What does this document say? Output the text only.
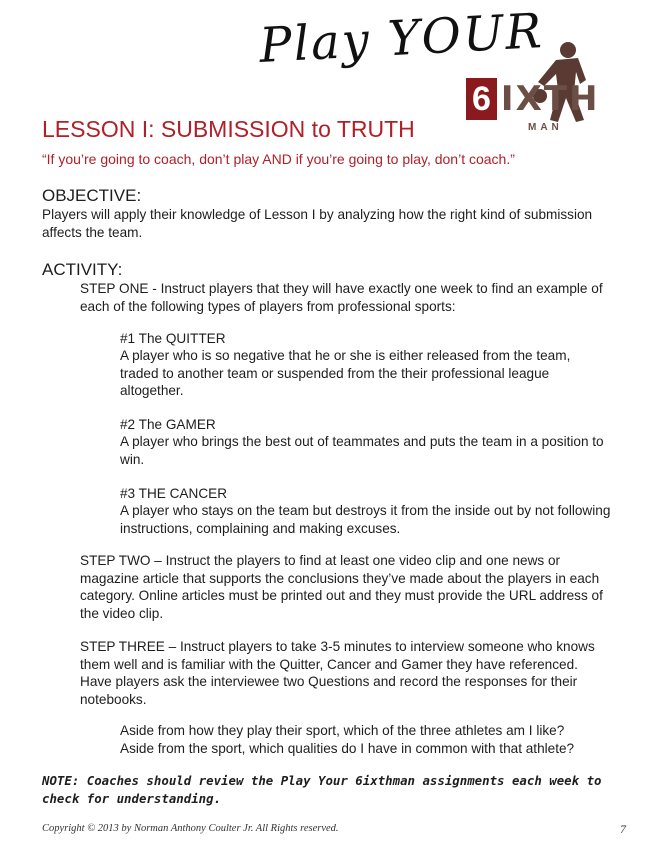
Play YOUR
6 IXTH
MAN
LESSON I: SUBMISSION to TRUTH
“If you’re going to coach, don’t play AND if you’re going to play, don’t coach.”
OBJECTIVE:
Players will apply their knowledge of Lesson I by analyzing how the right kind of submission affects the team.
ACTIVITY:
STEP ONE - Instruct players that they will have exactly one week to find an example of each of the following types of players from professional sports:
#1 The QUITTER
A player who is so negative that he or she is either released from the team, traded to another team or suspended from the their professional league altogether.
#2 The GAMER
A player who brings the best out of teammates and puts the team in a position to win.
#3 THE CANCER
A player who stays on the team but destroys it from the inside out by not following instructions, complaining and making excuses.
STEP TWO – Instruct the players to find at least one video clip and one news or magazine article that supports the conclusions they’ve made about the players in each category. Online articles must be printed out and they must provide the URL address of the video clip.
STEP THREE – Instruct players to take 3-5 minutes to interview someone who knows them well and is familiar with the Quitter, Cancer and Gamer they have referenced. Have players ask the interviewee two Questions and record the responses for their notebooks.
Aside from how they play their sport, which of the three athletes am I like?
Aside from the sport, which qualities do I have in common with that athlete?
NOTE: Coaches should review the Play Your 6ixthman assignments each week to check for understanding.
Copyright © 2013 by Norman Anthony Coulter Jr. All Rights reserved.	7
